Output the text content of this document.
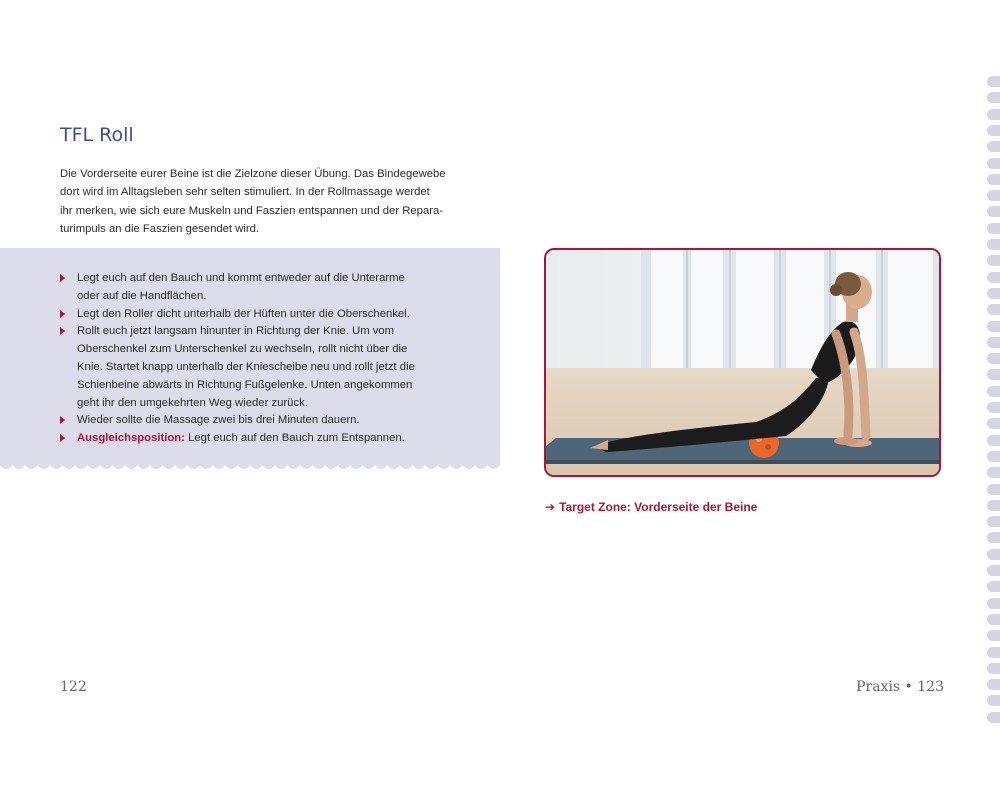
TFL Roll
Die Vorderseite eurer Beine ist die Zielzone dieser Übung. Das Bindegewebe
dort wird im Alltagsleben sehr selten stimuliert. In der Rollmassage werdet
ihr merken, wie sich eure Muskeln und Faszien entspannen und der Repara-
turimpuls an die Faszien gesendet wird.
Legt euch auf den Bauch und kommt entweder auf die Unterarme
oder auf die Handflächen.
Legt den Roller dicht unterhalb der Hüften unter die Oberschenkel.
Rollt euch jetzt langsam hinunter in Richtung der Knie. Um vom
Oberschenkel zum Unterschenkel zu wechseln, rollt nicht über die
Knie. Startet knapp unterhalb der Kniescheibe neu und rollt jetzt die
Schienbeine abwärts in Richtung Fußgelenke. Unten angekommen
geht ihr den umgekehrten Weg wieder zurück.
Wieder sollte die Massage zwei bis drei Minuten dauern.
Ausgleichsposition: Legt euch auf den Bauch zum Entspannen.
➔ Target Zone: Vorderseite der Beine
122	Praxis • 123
